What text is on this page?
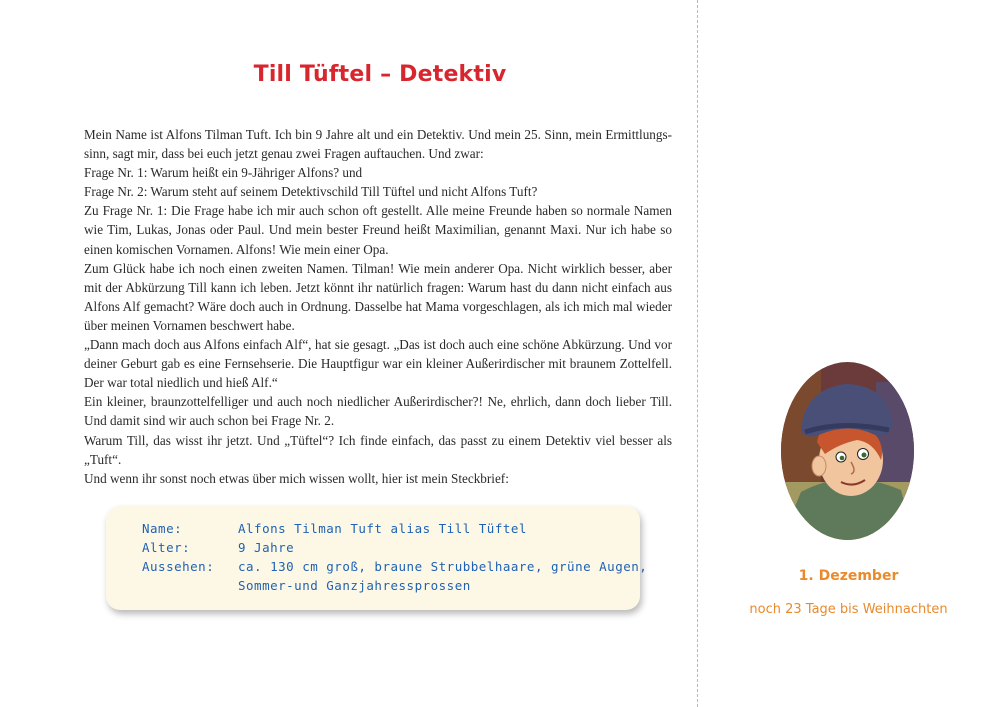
Till Tüftel – Detektiv

Mein Name ist Alfons Tilman Tuft. Ich bin 9 Jahre alt und ein Detektiv. Und mein 25. Sinn, mein Ermittlungs-sinn, sagt mir, dass bei euch jetzt genau zwei Fragen auftauchen. Und zwar:

Frage Nr. 1: Warum heißt ein 9-Jähriger Alfons? und

Frage Nr. 2: Warum steht auf seinem Detektivschild Till Tüftel und nicht Alfons Tuft?

Zu Frage Nr. 1: Die Frage habe ich mir auch schon oft gestellt. Alle meine Freunde haben so normale Namen wie Tim, Lukas, Jonas oder Paul. Und mein bester Freund heißt Maximilian, genannt Maxi. Nur ich habe so einen komischen Vornamen. Alfons! Wie mein einer Opa.

Zum Glück habe ich noch einen zweiten Namen. Tilman! Wie mein anderer Opa. Nicht wirklich besser, aber mit der Abkürzung Till kann ich leben. Jetzt könnt ihr natürlich fragen: Warum hast du dann nicht einfach aus Alfons Alf gemacht? Wäre doch auch in Ordnung. Dasselbe hat Mama vorgeschlagen, als ich mich mal wieder über meinen Vornamen beschwert habe.

„Dann mach doch aus Alfons einfach Alf“, hat sie gesagt. „Das ist doch auch eine schöne Abkürzung. Und vor deiner Geburt gab es eine Fernsehserie. Die Hauptfigur war ein kleiner Außerirdischer mit braunem Zottelfell. Der war total niedlich und hieß Alf.“

Ein kleiner, braunzottelfelliger und auch noch niedlicher Außerirdischer?! Ne, ehrlich, dann doch lieber Till. Und damit sind wir auch schon bei Frage Nr. 2.

Warum Till, das wisst ihr jetzt. Und „Tüftel“? Ich finde einfach, das passt zu einem Detektiv viel besser als „Tuft“.

Und wenn ihr sonst noch etwas über mich wissen wollt, hier ist mein Steckbrief:

Name:	Alfons Tilman Tuft alias Till Tüftel
Alter:	9 Jahre
Aussehen: ca. 130 cm groß, braune Strubbelhaare, grüne Augen,
Sommer-und Ganzjahressprossen
1. Dezember
noch 23 Tage bis Weihnachten
